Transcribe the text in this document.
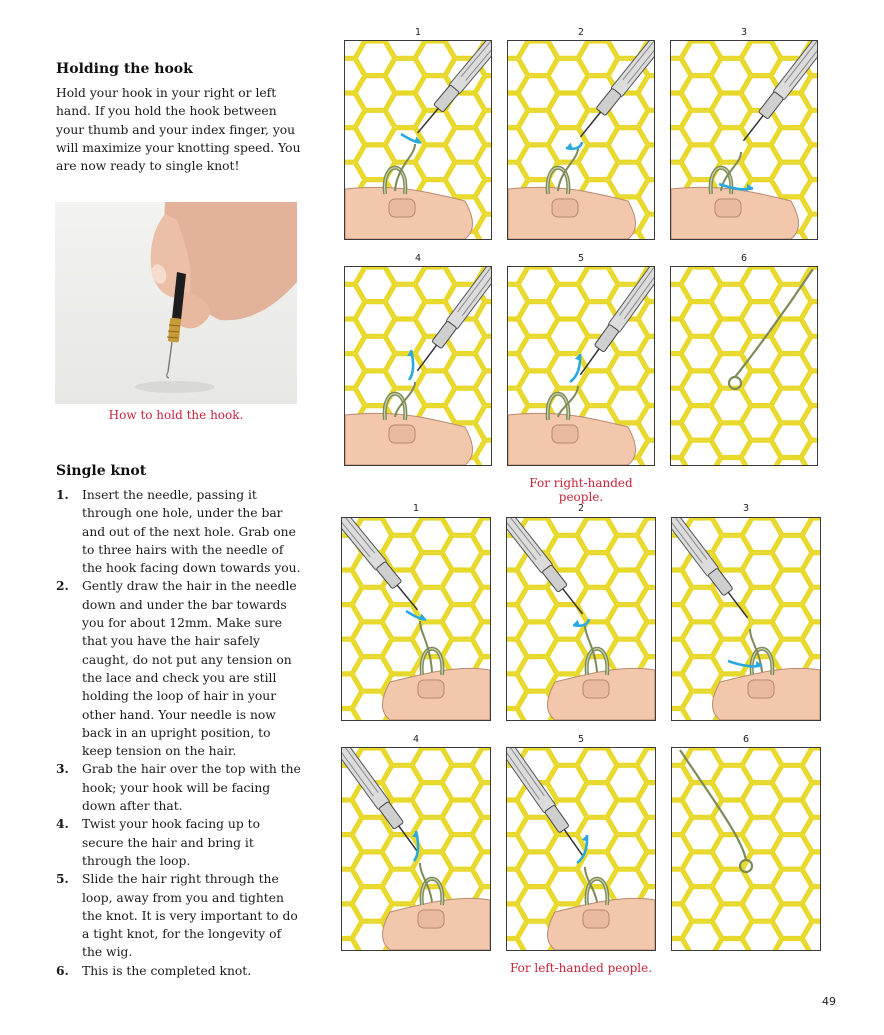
Holding the hook

Hold your hook in your right or left hand. If you hold the hook between your thumb and your index finger, you will maximize your knotting speed. You are now ready to single knot!

How to hold the hook.
Single knot
1. Insert the needle, passing it through one hole, under the bar and out of the next hole. Grab one to three hairs with the needle of the hook facing down towards you.
2. Gently draw the hair in the needle down and under the bar towards you for about 12mm. Make sure that you have the hair safely caught, do not put any tension on the lace and check you are still holding the loop of hair in your other hand. Your needle is now back in an upright position, to keep tension on the hair.
3. Grab the hair over the top with the hook; your hook will be facing down after that.
4. Twist your hook facing up to secure the hair and bring it through the loop.
5. Slide the hair right through the loop, away from you and tighten the knot. It is very important to do a tight knot, for the longevity of the wig.
6. This is the completed knot.
1	2	3
4	5	6
For right-handed people.
1	2	3
4	5	6
For left-handed people.
49
